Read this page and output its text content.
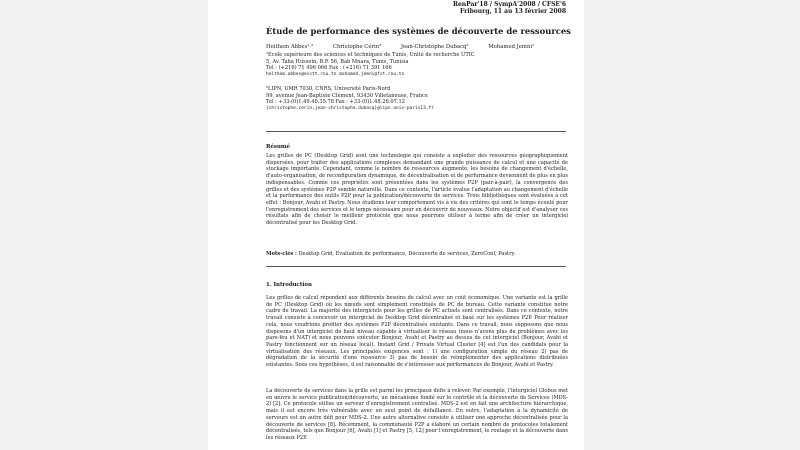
RenPar'18 / SympA'2008 / CFSE'6
Fribourg, 11 au 13 février 2008
Étude de performance des systèmes de découverte de ressources
Heithem Abbes¹·²	Christophe Cérin²	Jean-Christophe Dubacq²	Mohamed Jemni¹
¹École supérieure des sciences et techniques de Tunis, Unité de recherche UTIC
5, Av. Taha Hussein, B.P. 56, Bab Mnara, Tunis, Tunisia
Tel : (+216) 71 496 066 Fax : (+216) 71 391 166
heithem.abbes@esstt.rnu.tn mohamed.jemni@fst.rnu.tn
²LIPN, UMR 7030, CNRS, Université Paris-Nord
99, avenue Jean-Baptiste Clément, 93430 Villetaneuse, France
Tel : +33-(0)1.49.40.35.78 Fax : +33-(0)1.48.26.07.12
{christophe.cerin,jean-christophe.dubacq}@lipn.univ-paris13.fr
Résumé
Les grilles de PC (Desktop Grid) sont une technologie qui consiste à exploiter des ressources géographiquement dispersées, pour traiter des applications complexes demandant une grande puissance de calcul et une capacité de stockage importante. Cependant, comme le nombre de ressources augmente, les besoins de changement d'échelle, d'auto-organisation, de reconfiguration dynamique, de décentralisation et de performance deviennent de plus en plus indispensables. Comme ces propriétés sont présentées dans les systèmes P2P (pair-à-pair), la convergence des grilles et des systèmes P2P semble naturelle. Dans ce contexte, l'article évalue l'adaptation au changement d'échelle et la performance des outils P2P pour la publication/découverte de services. Trois bibliothèques sont évaluées à cet effet : Bonjour, Avahi et Pastry. Nous étudions leur comportement vis à vis des critères qui sont le temps écoulé pour l'enregistrement des services et le temps nécessaire pour en découvrir de nouveaux. Notre objectif est d'analyser ces résultats afin de choisir le meilleur protocole que nous pourrons utiliser à terme afin de créer un intergiciel décentralisé pour les Desktop Grid.
Mots-clés : Desktop Grid, Évaluation de performance, Découverte de services, ZeroConf, Pastry.
1. Introduction
Les grilles de calcul répondent aux différents besoins de calcul avec un coût économique. Une variante est la grille de PC (Desktop Grid) où les nœuds sont simplement constitués de PC de bureau. Cette variante constitue notre cadre de travail. La majorité des intergiciels pour les grilles de PC actuels sont centralisés. Dans ce contexte, notre travail consiste à concevoir un intergiciel de Desktop Grid décentralisé et basé sur les systèmes P2P. Pour réaliser cela, nous voudrions profiter des systèmes P2P décentralisés existants. Dans ce travail, nous supposons que nous disposons d'un intergiciel de haut niveau capable à virtualiser le réseau (nous n'avons plus de problèmes avec les pare-feu et NAT) et nous pouvons exécuter Bonjour, Avahi et Pastry au dessus de cet intergiciel (Bonjour, Avahi et Pastry fonctionnent sur un réseau local). Instant Grid / Private Virtual Cluster [4] est l'un des candidats pour la virtualisation des réseaux. Les principales exigences sont : 1) une configuration simple du réseau 2) pas de dégradation de la sécurité d'une ressource 3) pas de besoin de réimplémenter des applications distribuées existantes. Sous ces hypothèses, il est raisonnable de s'intéresser aux performances de Bonjour, Avahi et Pastry.
La découverte de services dans la grille est parmi les principaux défis à relever. Par exemple, l'intergiciel Globus met en œuvre le service publication/découverte, un mécanisme fondé sur le contrôle et la découverte de Services (MDS-2) [2]. Ce protocole utilise un serveur d'enregistrement centralisé. MDS-2 est en fait une architecture hiérarchique, mais il est encore très vulnérable avec un seul point de défaillance. En outre, l'adaptation à la dynamicité de serveurs est un autre défi pour MDS-2. Une autre alternative consiste à utiliser une approche décentralisée pour la découverte de services [8]. Récemment, la communauté P2P a élaboré un certain nombre de protocoles totalement décentralisés, tels que Bonjour [6], Avahi [1] et Pastry [5, 12] pour l'enregistrement, le routage et la découverte dans les réseaux P2P.
